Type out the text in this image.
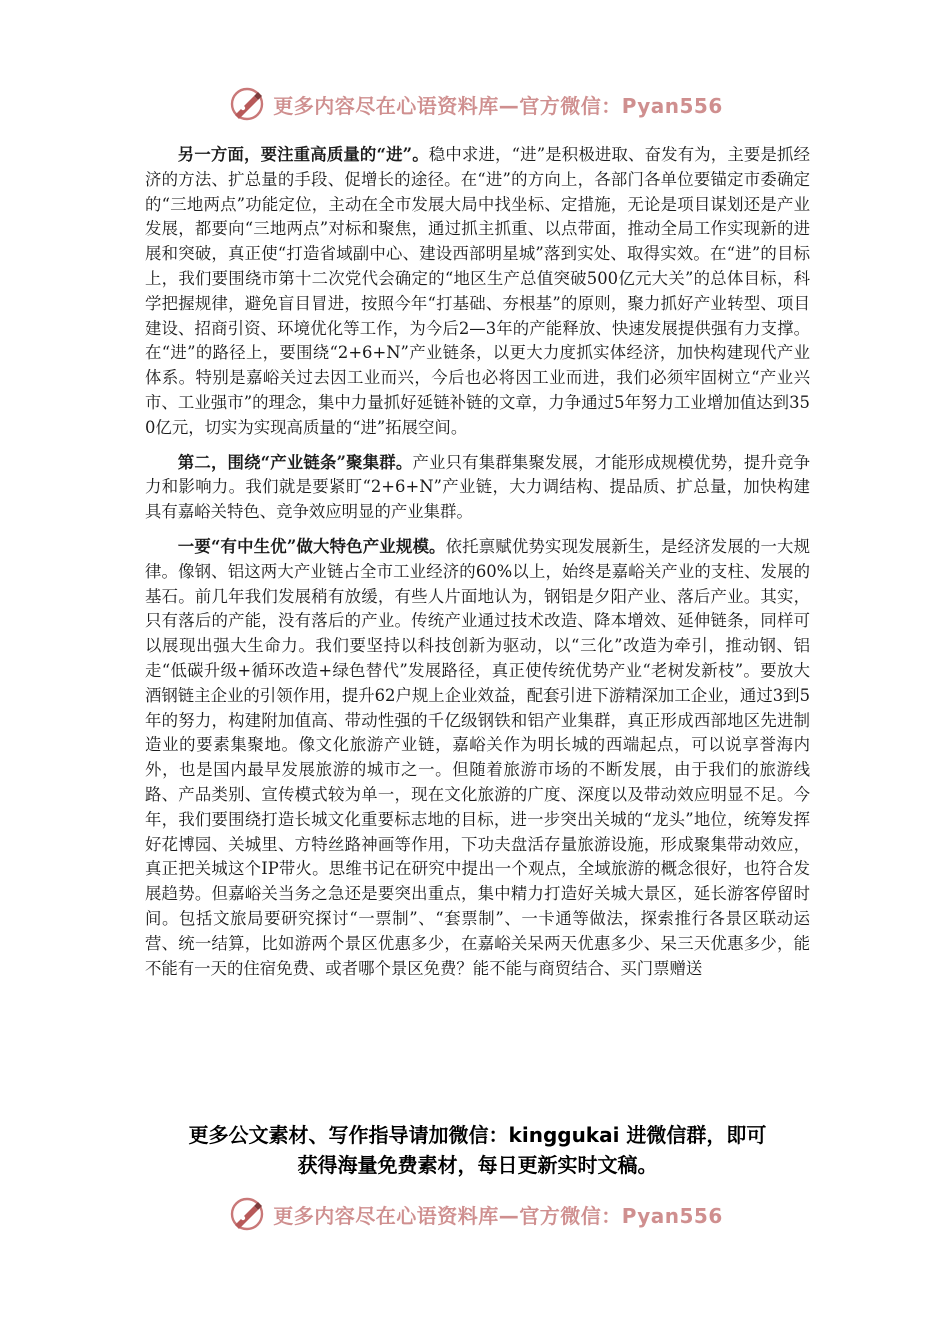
更多内容尽在心语资料库—官方微信：Pyan556

另一方面，要注重高质量的“进”。稳中求进，“进”是积极进取、奋发有为，主要是抓经济的方法、扩总量的手段、促增长的途径。在“进”的方向上，各部门各单位要锚定市委确定的“三地两点”功能定位，主动在全市发展大局中找坐标、定措施，无论是项目谋划还是产业发展，都要向“三地两点”对标和聚焦，通过抓主抓重、以点带面，推动全局工作实现新的进展和突破，真正使“打造省域副中心、建设西部明星城”落到实处、取得实效。在“进”的目标上，我们要围绕市第十二次党代会确定的“地区生产总值突破500亿元大关”的总体目标，科学把握规律，避免盲目冒进，按照今年“打基础、夯根基”的原则，聚力抓好产业转型、项目建设、招商引资、环境优化等工作，为今后2—3年的产能释放、快速发展提供强有力支撑。在“进”的路径上，要围绕“2+6+N”产业链条，以更大力度抓实体经济，加快构建现代产业体系。特别是嘉峪关过去因工业而兴，今后也必将因工业而进，我们必须牢固树立“产业兴市、工业强市”的理念，集中力量抓好延链补链的文章，力争通过5年努力工业增加值达到350亿元，切实为实现高质量的“进”拓展空间。

第二，围绕“产业链条”聚集群。产业只有集群集聚发展，才能形成规模优势，提升竞争力和影响力。我们就是要紧盯“2+6+N”产业链，大力调结构、提品质、扩总量，加快构建具有嘉峪关特色、竞争效应明显的产业集群。

一要“有中生优”做大特色产业规模。依托禀赋优势实现发展新生，是经济发展的一大规律。像钢、铝这两大产业链占全市工业经济的60%以上，始终是嘉峪关产业的支柱、发展的基石。前几年我们发展稍有放缓，有些人片面地认为，钢铝是夕阳产业、落后产业。其实，只有落后的产能，没有落后的产业。传统产业通过技术改造、降本增效、延伸链条，同样可以展现出强大生命力。我们要坚持以科技创新为驱动，以“三化”改造为牵引，推动钢、铝走“低碳升级+循环改造+绿色替代”发展路径，真正使传统优势产业“老树发新枝”。要放大酒钢链主企业的引领作用，提升62户规上企业效益，配套引进下游精深加工企业，通过3到5年的努力，构建附加值高、带动性强的千亿级钢铁和铝产业集群，真正形成西部地区先进制造业的要素集聚地。像文化旅游产业链，嘉峪关作为明长城的西端起点，可以说享誉海内外，也是国内最早发展旅游的城市之一。但随着旅游市场的不断发展，由于我们的旅游线路、产品类别、宣传模式较为单一，现在文化旅游的广度、深度以及带动效应明显不足。今年，我们要围绕打造长城文化重要标志地的目标，进一步突出关城的“龙头”地位，统筹发挥好花博园、关城里、方特丝路神画等作用，下功夫盘活存量旅游设施，形成聚集带动效应，真正把关城这个IP带火。思维书记在研究中提出一个观点，全域旅游的概念很好，也符合发展趋势。但嘉峪关当务之急还是要突出重点，集中精力打造好关城大景区，延长游客停留时间。包括文旅局要研究探讨“一票制”、“套票制”、一卡通等做法，探索推行各景区联动运营、统一结算，比如游两个景区优惠多少，在嘉峪关呆两天优惠多少、呆三天优惠多少，能不能有一天的住宿免费、或者哪个景区免费？能不能与商贸结合、买门票赠送

更多公文素材、写作指导请加微信：kinggukai 进微信群，即可
获得海量免费素材，每日更新实时文稿。
更多内容尽在心语资料库—官方微信：Pyan556
